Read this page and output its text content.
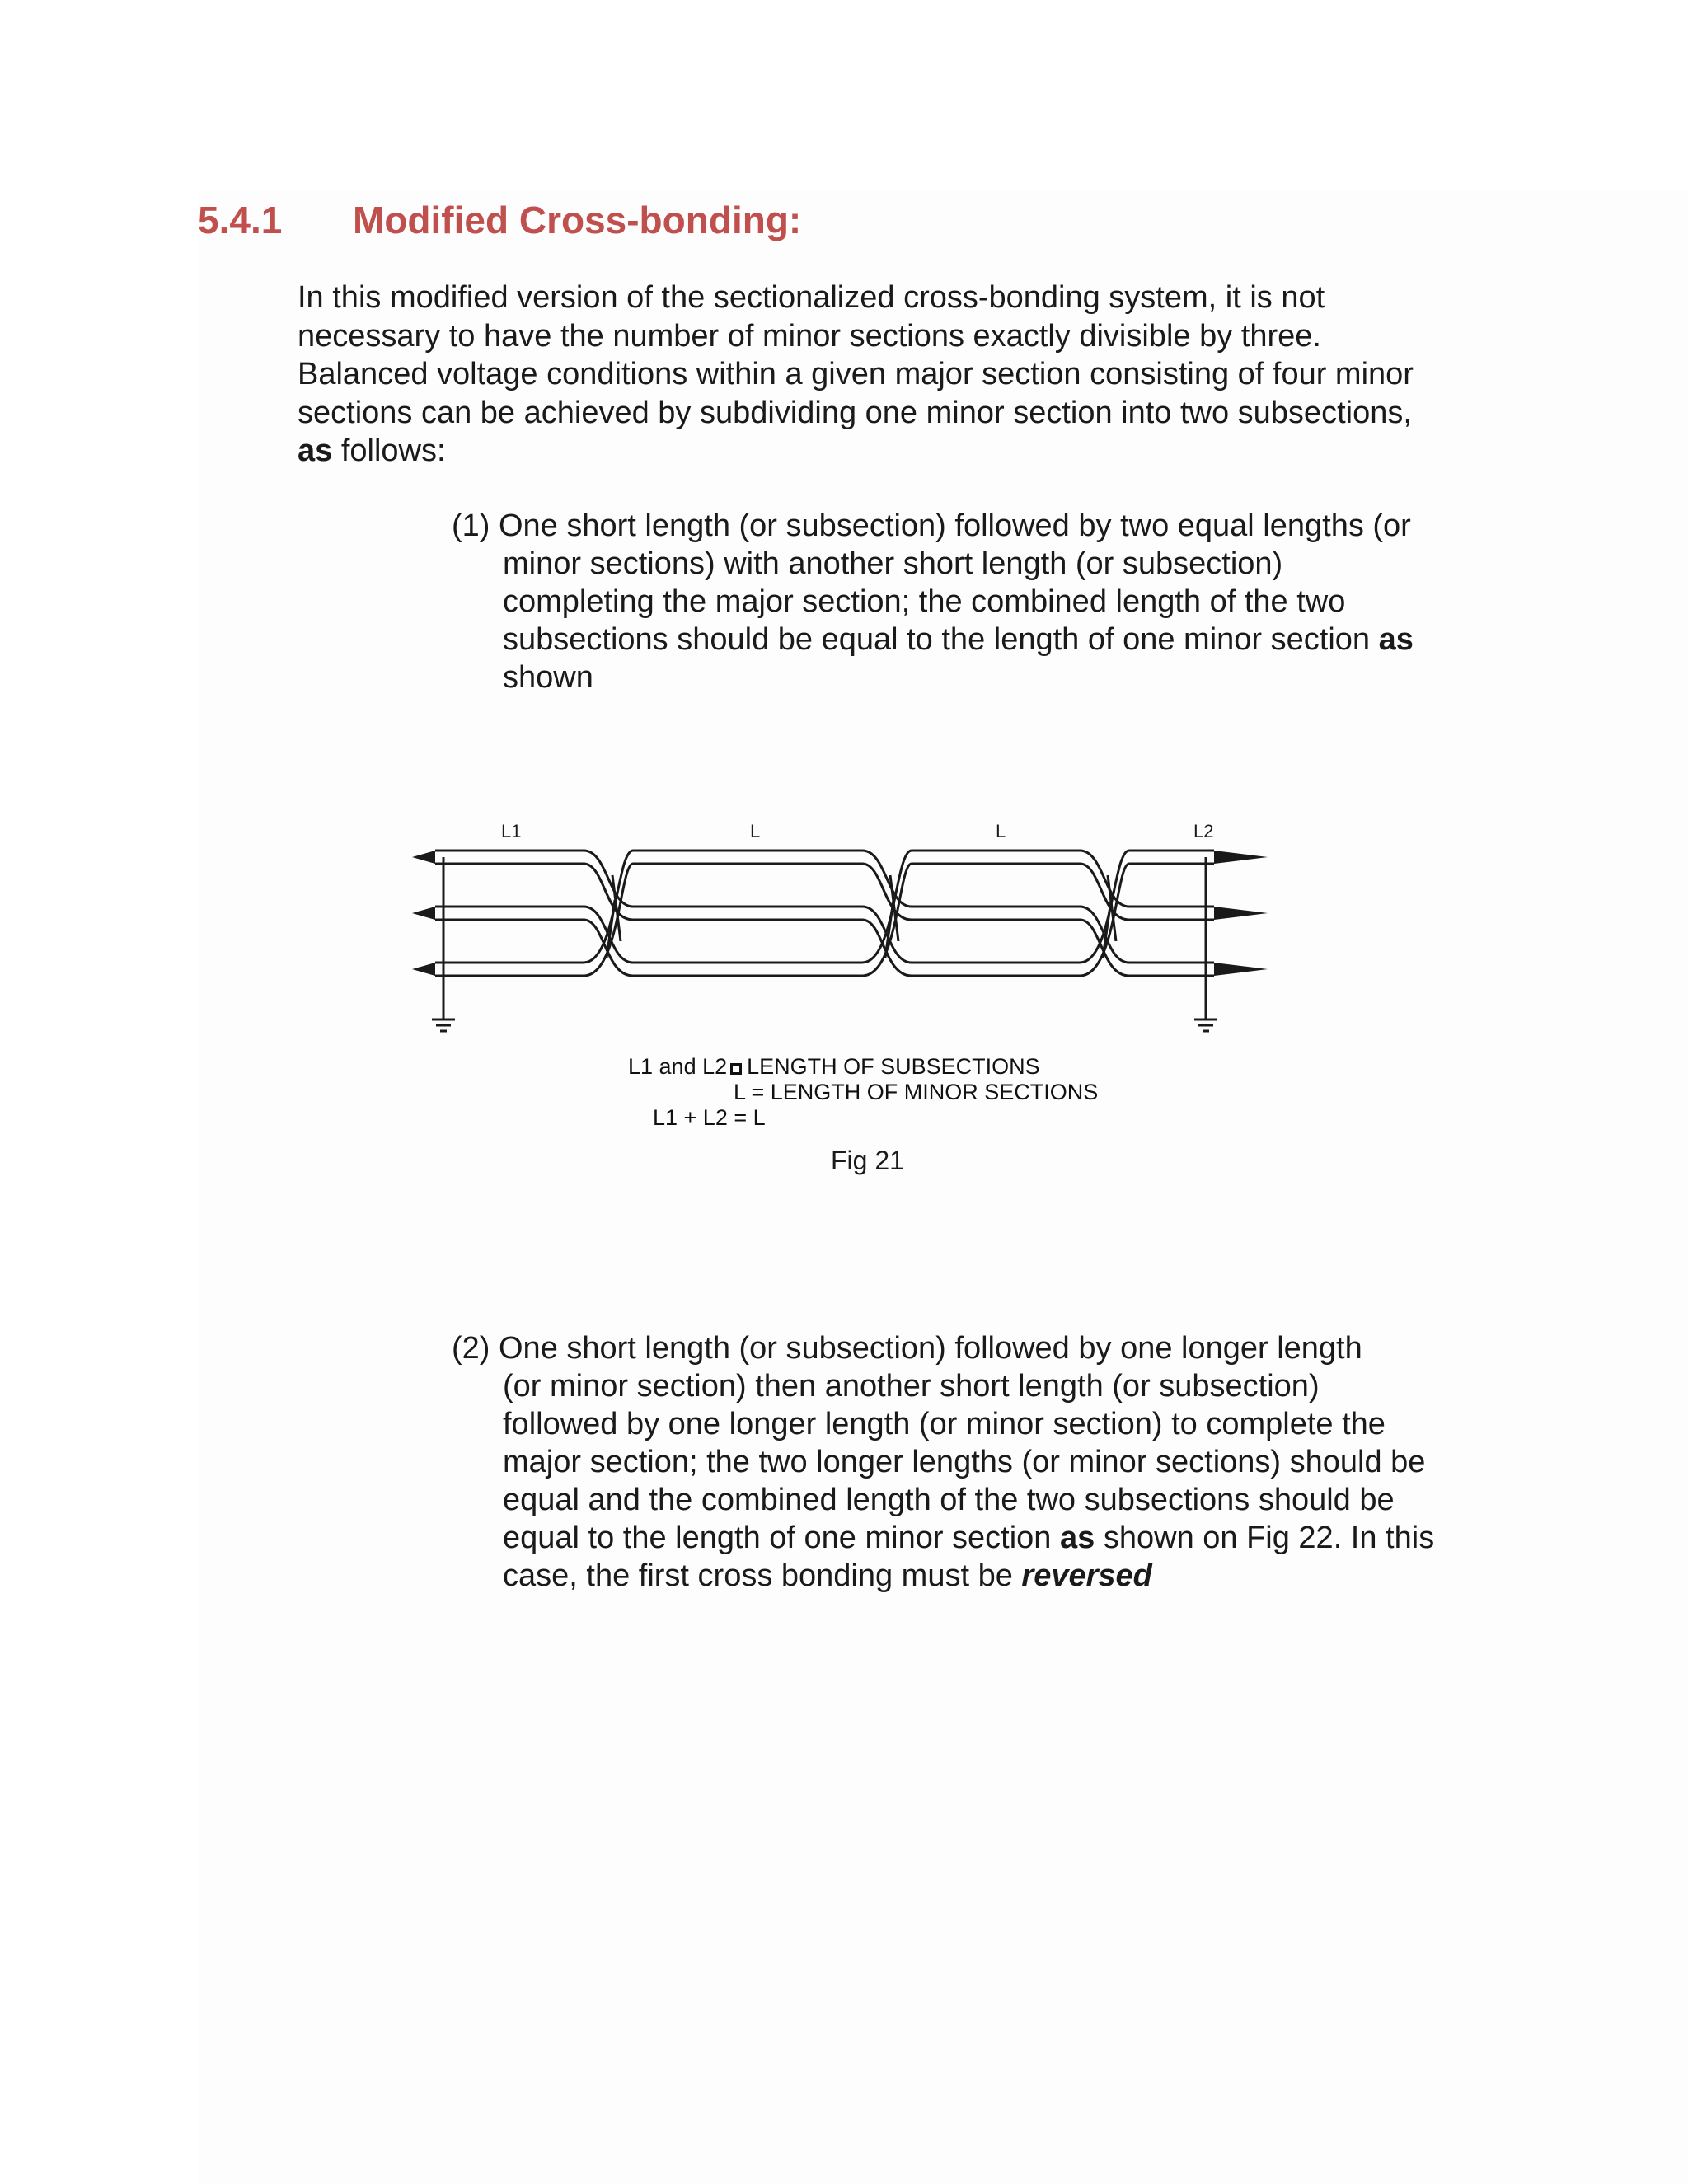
5.4.1 Modified Cross-bonding:
In this modified version of the sectionalized cross-bonding system, it is not
necessary to have the number of minor sections exactly divisible by three.
Balanced voltage conditions within a given major section consisting of four minor
sections can be achieved by subdividing one minor section into two subsections,
as follows:

(1) One short length (or subsection) followed by two equal lengths (or

minor sections) with another short length (or subsection)

completing the major section; the combined length of the two

subsections should be equal to the length of one minor section as

shown

L1	L	L	L2
L1 and L2 LENGTH OF SUBSECTIONS
L = LENGTH OF MINOR SECTIONS
L1 + L2 = L
Fig 21

(2) One short length (or subsection) followed by one longer length

(or minor section) then another short length (or subsection)

followed by one longer length (or minor section) to complete the

major section; the two longer lengths (or minor sections) should be

equal and the combined length of the two subsections should be

equal to the length of one minor section as shown on Fig 22. In this

case, the first cross bonding must be reversed
